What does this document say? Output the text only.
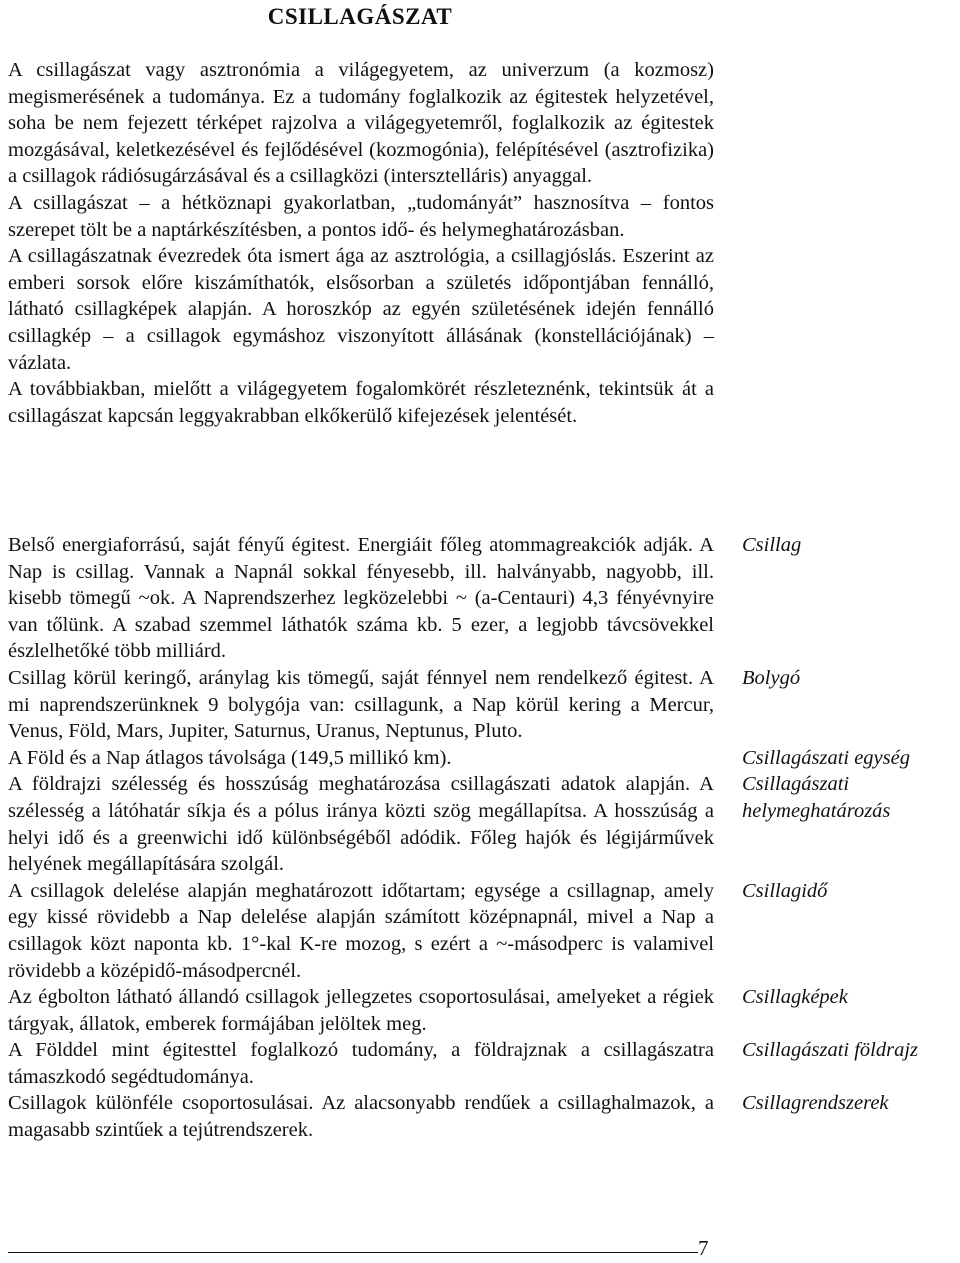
CSILLAGÁSZAT

A csillagászat vagy asztronómia a világegyetem, az univerzum (a kozmosz) megismerésének a tudománya. Ez a tudomány foglalkozik az égitestek helyzetével, soha be nem fejezett térképet rajzolva a világegyetemről, foglalkozik az égitestek mozgásával, keletkezésével és fejlődésével (kozmogónia), felépítésével (asztrofizika) a csillagok rádiósugárzásával és a csillagközi (intersztelláris) anyaggal.

A csillagászat – a hétköznapi gyakorlatban, „tudományát” hasznosítva – fontos szerepet tölt be a naptárkészítésben, a pontos idő- és helymeghatározásban.

A csillagászatnak évezredek óta ismert ága az asztrológia, a csillagjóslás. Eszerint az emberi sorsok előre kiszámíthatók, elsősorban a születés időpontjában fennálló, látható csillagképek alapján. A horoszkóp az egyén születésének idején fennálló csillagkép – a csillagok egymáshoz viszonyított állásának (konstellációjának) – vázlata.

A továbbiakban, mielőtt a világegyetem fogalomkörét részleteznénk, tekintsük át a csillagászat kapcsán leggyakrabban elkőkerülő kifejezések jelentését.

Belső energiaforrású, saját fényű égitest. Energiáit főleg atommagreakciók adják. A Nap is csillag. Vannak a Napnál sokkal fényesebb, ill. halványabb, nagyobb, ill. kisebb tömegű ~ok. A Naprendszerhez legközelebbi ~ (a-Centauri) 4,3 fényévnyire van tőlünk. A szabad szemmel láthatók száma kb. 5 ezer, a legjobb távcsövekkel észlelhetőké több milliárd.

Csillag

Csillag körül keringő, aránylag kis tömegű, saját fénnyel nem rendelkező égitest. A mi naprendszerünknek 9 bolygója van: csillagunk, a Nap körül kering a Mercur, Venus, Föld, Mars, Jupiter, Saturnus, Uranus, Neptunus, Pluto.

Bolygó

A Föld és a Nap átlagos távolsága (149,5 millikó km).	Csillagászati egység

A földrajzi szélesség és hosszúság meghatározása csillagászati adatok alapján. A szélesség a látóhatár síkja és a pólus iránya közti szög megállapítsa. A hosszúság a helyi idő és a greenwichi idő különbségéből adódik. Főleg hajók és légijárművek helyének megállapítására szolgál.

Csillagászati helymeghatározás

A csillagok delelése alapján meghatározott időtartam; egysége a csillagnap, amely egy kissé rövidebb a Nap delelése alapján számított középnapnál, mivel a Nap a csillagok közt naponta kb. 1°-kal K-re mozog, s ezért a ~-másodperc is valamivel rövidebb a középidő-másodpercnél.

Csillagidő

Az égbolton látható állandó csillagok jellegzetes csoportosulásai, amelyeket a régiek tárgyak, állatok, emberek formájában jelöltek meg.

Csillagképek

A Földdel mint égitesttel foglalkozó tudomány, a földrajznak a csillagászatra támaszkodó segédtudománya.

Csillagászati földrajz

Csillagok különféle csoportosulásai. Az alacsonyabb rendűek a csillaghalmazok, a magasabb szintűek a tejútrendszerek.

Csillagrendszerek
7
